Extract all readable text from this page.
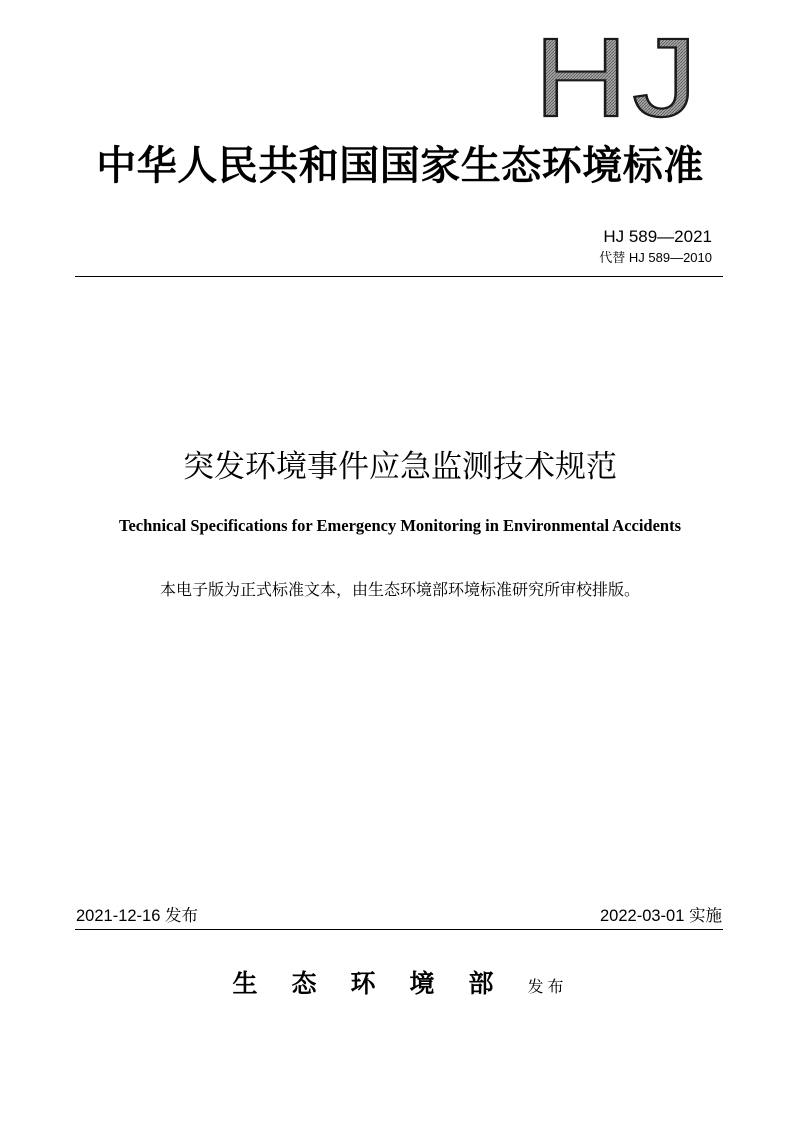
HJ
中华人民共和国国家生态环境标准
HJ 589—2021
代替 HJ 589—2010
突发环境事件应急监测技术规范
Technical Specifications for Emergency Monitoring in Environmental Accidents
本电子版为正式标准文本，由生态环境部环境标准研究所审校排版。
2021-12-16 发布	2022-03-01 实施
生态环境部发布
